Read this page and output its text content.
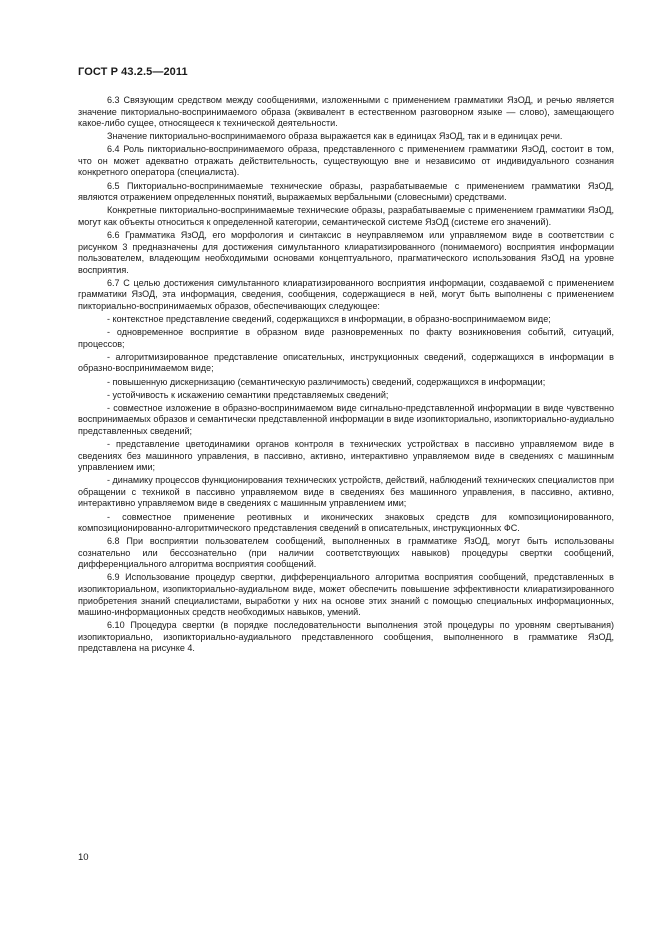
ГОСТ Р 43.2.5—2011

6.3 Связующим средством между сообщениями, изложенными с применением грамматики ЯзОД, и речью является значение пикториально-воспринимаемого образа (эквивалент в естественном разговорном языке — слово), замещающего какое-либо сущее, относящееся к технической деятельности.

Значение пикториально-воспринимаемого образа выражается как в единицах ЯзОД, так и в единицах речи.

6.4 Роль пикториально-воспринимаемого образа, представленного с применением грамматики ЯзОД, состоит в том, что он может адекватно отражать действительность, существующую вне и независимо от индивидуального сознания конкретного оператора (специалиста).

6.5 Пикториально-воспринимаемые технические образы, разрабатываемые с применением грамматики ЯзОД, являются отражением определенных понятий, выражаемых вербальными (словесными) средствами.

Конкретные пикториально-воспринимаемые технические образы, разрабатываемые с применением грамматики ЯзОД, могут как объекты относиться к определенной категории, семантической системе ЯзОД (системе его значений).

6.6 Грамматика ЯзОД, его морфология и синтаксис в неуправляемом или управляемом виде в соответствии с рисунком 3 предназначены для достижения симультанного клиаратизированного (понимаемого) восприятия информации пользователем, владеющим необходимыми основами концептуального, прагматического использования ЯзОД на уровне восприятия.

6.7 С целью достижения симультанного клиаратизированного восприятия информации, создаваемой с применением грамматики ЯзОД, эта информация, сведения, сообщения, содержащиеся в ней, могут быть выполнены с применением пикториально-воспринимаемых образов, обеспечивающих следующее:

- контекстное представление сведений, содержащихся в информации, в образно-воспринимаемом виде;

- одновременное восприятие в образном виде разновременных по факту возникновения событий, ситуаций, процессов;

- алгоритмизированное представление описательных, инструкционных сведений, содержащихся в информации в образно-воспринимаемом виде;

- повышенную дискернизацию (семантическую различимость) сведений, содержащихся в информации;

- устойчивость к искажению семантики представляемых сведений;

- совместное изложение в образно-воспринимаемом виде сигнально-представленной информации в виде чувственно воспринимаемых образов и семантически представленной информации в виде изопикториально, изопикториально-аудиально представленных сведений;

- представление цветодинамики органов контроля в технических устройствах в пассивно управляемом виде в сведениях без машинного управления, в пассивно, активно, интерактивно управляемом виде в сведениях с машинным управлением ими;

- динамику процессов функционирования технических устройств, действий, наблюдений технических специалистов при обращении с техникой в пассивно управляемом виде в сведениях без машинного управления, в пассивно, активно, интерактивно управляемом виде в сведениях с машинным управлением ими;

- совместное применение реотивных и иконических знаковых средств для композиционированного, композиционированно-алгоритмического представления сведений в описательных, инструкционных ФС.

6.8 При восприятии пользователем сообщений, выполненных в грамматике ЯзОД, могут быть использованы сознательно или бессознательно (при наличии соответствующих навыков) процедуры свертки сообщений, дифференциального алгоритма восприятия сообщений.

6.9 Использование процедур свертки, дифференциального алгоритма восприятия сообщений, представленных в изопикториальном, изопикториально-аудиальном виде, может обеспечить повышение эффективности клиаратизированного приобретения знаний специалистами, выработки у них на основе этих знаний с помощью специальных информационных, машино-информационных средств необходимых навыков, умений.

6.10 Процедура свертки (в порядке последовательности выполнения этой процедуры по уровням свертывания) изопикториально, изопикториально-аудиального представленного сообщения, выполненного в грамматике ЯзОД, представлена на рисунке 4.

10
